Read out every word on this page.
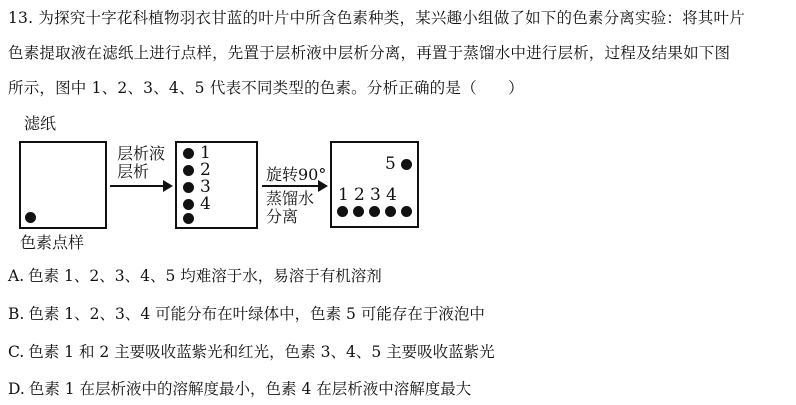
13. 为探究十字花科植物羽衣甘蓝的叶片中所含色素种类，某兴趣小组做了如下的色素分离实验：将其叶片
色素提取液在滤纸上进行点样，先置于层析液中层析分离，再置于蒸馏水中进行层析，过程及结果如下图
所示，图中 1、2、3、4、5 代表不同类型的色素。分析正确的是（　　）
滤纸
色素点样
层析液
层析
1
2
3
4
旋转90°
蒸馏水
分离
5
1 2 3 4
A. 色素 1、2、3、4、5 均难溶于水，易溶于有机溶剂
B. 色素 1、2、3、4 可能分布在叶绿体中，色素 5 可能存在于液泡中
C. 色素 1 和 2 主要吸收蓝紫光和红光，色素 3、4、5 主要吸收蓝紫光
D. 色素 1 在层析液中的溶解度最小，色素 4 在层析液中溶解度最大
